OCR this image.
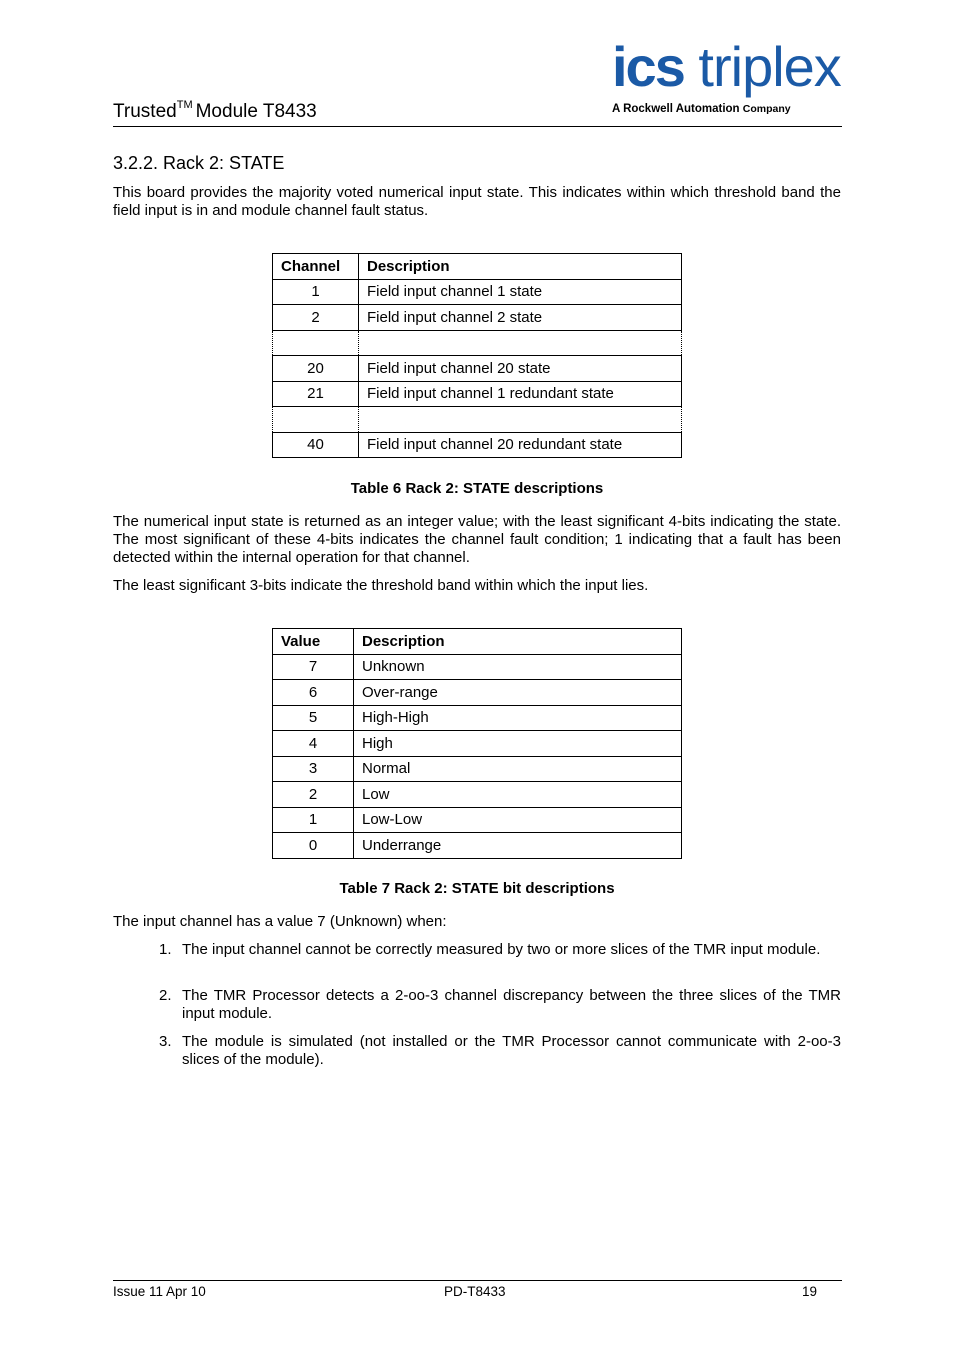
Trusted™ Module T8433
ics triplex
A Rockwell Automation Company
3.2.2. Rack 2: STATE
This board provides the majority voted numerical input state. This indicates within which threshold band the field input is in and module channel fault status.
Channel	Description
1	Field input channel 1 state
2	Field input channel 2 state

20	Field input channel 20 state
21	Field input channel 1 redundant state

40	Field input channel 20 redundant state
Table 6 Rack 2: STATE descriptions
The numerical input state is returned as an integer value; with the least significant 4-bits indicating the state. The most significant of these 4-bits indicates the channel fault condition; 1 indicating that a fault has been detected within the internal operation for that channel.
The least significant 3-bits indicate the threshold band within which the input lies.
Value	Description
7	Unknown
6	Over-range
5	High-High
4	High
3	Normal
2	Low
1	Low-Low
0	Underrange
Table 7 Rack 2: STATE bit descriptions
The input channel has a value 7 (Unknown) when:
1. The input channel cannot be correctly measured by two or more slices of the TMR input module.
2. The TMR Processor detects a 2-oo-3 channel discrepancy between the three slices of the TMR input module.
3. The module is simulated (not installed or the TMR Processor cannot communicate with 2-oo-3 slices of the module).
Issue 11 Apr 10	PD-T8433	19
